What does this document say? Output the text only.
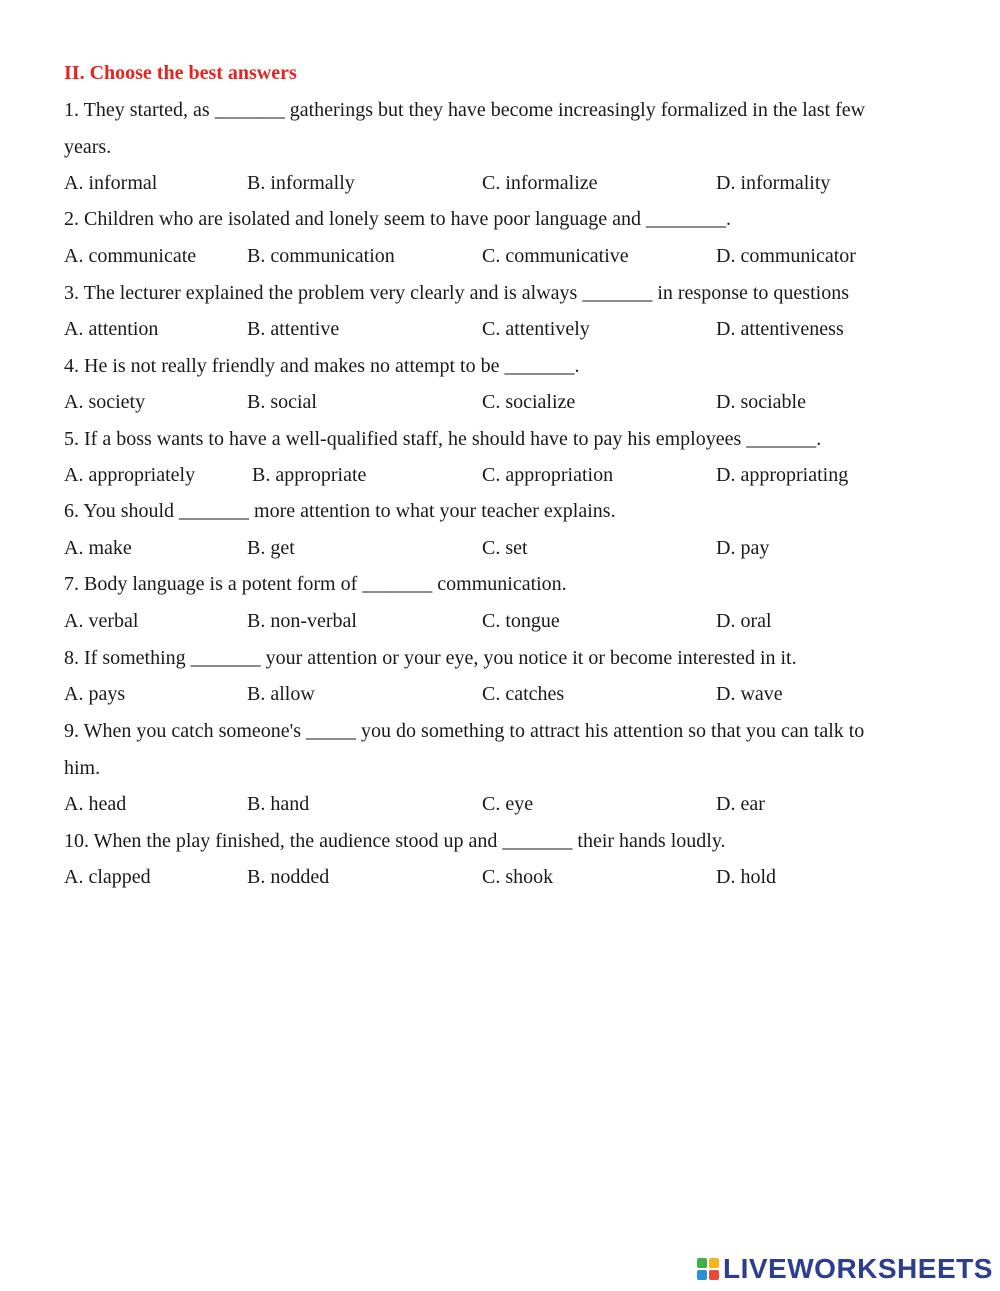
II. Choose the best answers
1. They started, as _______ gatherings but they have become increasingly formalized in the last few
years.
A. informal	B. informally	C. informalize	D. informality
2. Children who are isolated and lonely seem to have poor language and ________.
A. communicate	B. communication	C. communicative	D. communicator
3. The lecturer explained the problem very clearly and is always _______ in response to questions
A. attention	B. attentive	C. attentively	D. attentiveness
4. He is not really friendly and makes no attempt to be _______.
A. society	B. social	C. socialize	D. sociable
5. If a boss wants to have a well-qualified staff, he should have to pay his employees _______.
A. appropriately	B. appropriate	C. appropriation	D. appropriating
6. You should _______ more attention to what your teacher explains.
A. make	B. get	C. set	D. pay
7. Body language is a potent form of _______ communication.
A. verbal	B. non-verbal	C. tongue	D. oral
8. If something _______ your attention or your eye, you notice it or become interested in it.
A. pays	B. allow	C. catches	D. wave
9. When you catch someone's _____ you do something to attract his attention so that you can talk to
him.
A. head	B. hand	C. eye	D. ear
10. When the play finished, the audience stood up and _______ their hands loudly.
A. clapped	B. nodded	C. shook	D. hold
LIVEWORKSHEETS
